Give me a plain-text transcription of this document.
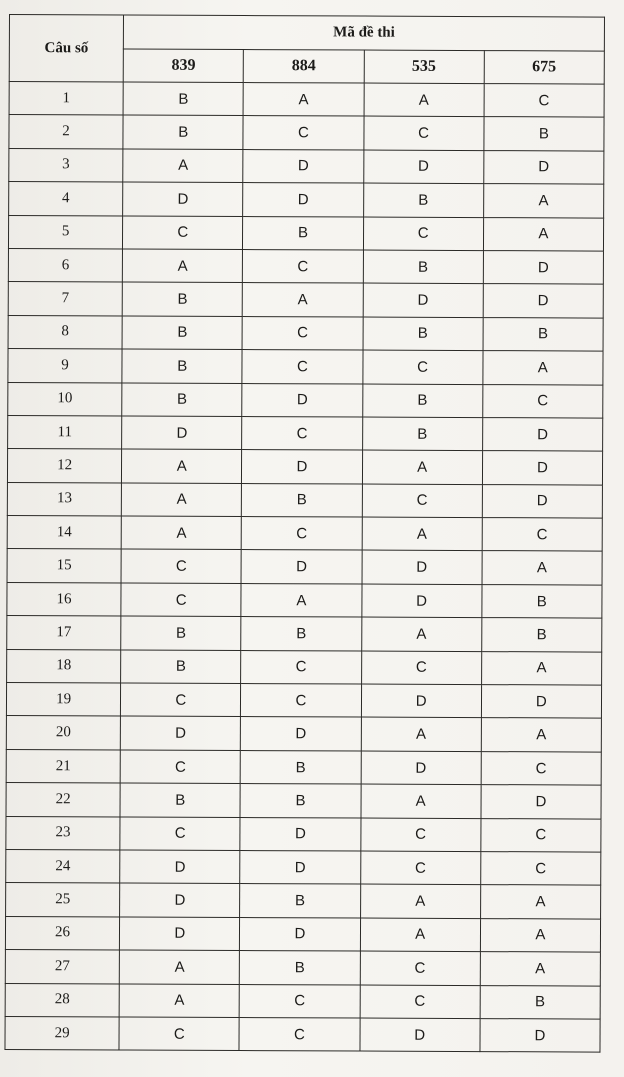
Câu số	Mã đề thi			
	839	884	535	675
1	B	A	A	C
2	B	C	C	B
3	A	D	D	D
4	D	D	B	A
5	C	B	C	A
6	A	C	B	D
7	B	A	D	D
8	B	C	B	B
9	B	C	C	A
10	B	D	B	C
11	D	C	B	D
12	A	D	A	D
13	A	B	C	D
14	A	C	A	C
15	C	D	D	A
16	C	A	D	B
17	B	B	A	B
18	B	C	C	A
19	C	C	D	D
20	D	D	A	A
21	C	B	D	C
22	B	B	A	D
23	C	D	C	C
24	D	D	C	C
25	D	B	A	A
26	D	D	A	A
27	A	B	C	A
28	A	C	C	B
29	C	C	D	D
